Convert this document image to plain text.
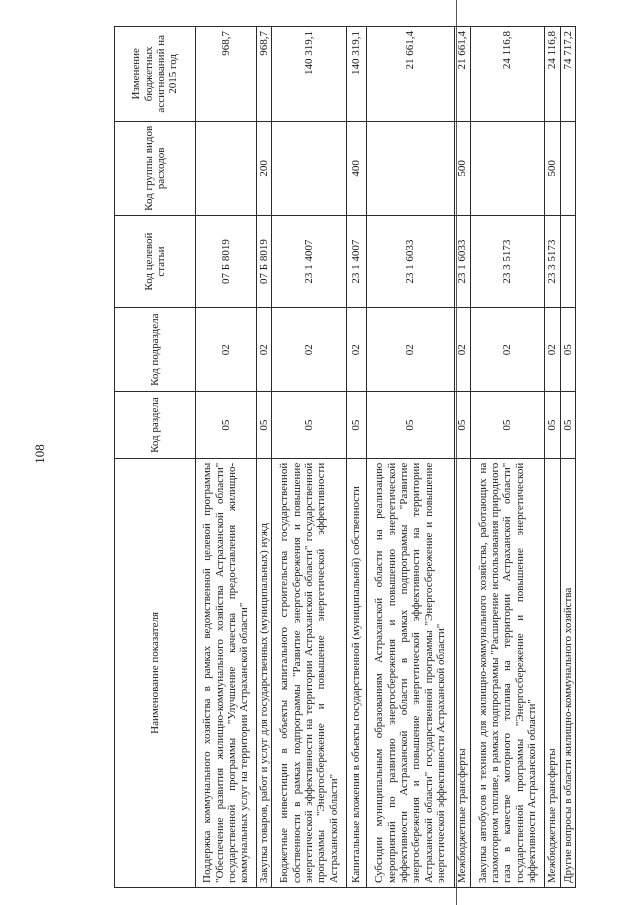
108
Наименование показателя	Код раздела	Код подраздела	Код целевой статьи	Код группы видов расходов	Изменение бюджетных ассигнований на 2015 год
Поддержка коммунального хозяйства в рамках ведомственной целевой программы "Обеспечение развития жилищно-коммунального хозяйства Астраханской области" государственной программы "Улучшение качества предоставления жилищно-коммунальных услуг на территории Астраханской области"	05	02	07 Б 8019		968,7
Закупка товаров, работ и услуг для государственных (муниципальных) нужд	05	02	07 Б 8019	200	968,7
Бюджетные инвестиции в объекты капитального строительства государственной собственности в рамках подпрограммы "Развитие энергосбережения и повышение энергетической эффективности на территории Астраханской области" государственной программы "Энергосбережение и повышение энергетической эффективности Астраханской области"	05	02	23 1 4007		140 319,1
Капитальные вложения в объекты государственной (муниципальной) собственности	05	02	23 1 4007	400	140 319,1
Субсидии муниципальным образованиям Астраханской области на реализацию мероприятий по развитию энергосбережения и повышению энергетической эффективности Астраханской области в рамках подпрограммы "Развитие энергосбережения и повышение энергетической эффективности на территории Астраханской области" государственной программы "Энергосбережение и повышение энергетической эффективности Астраханской области"	05	02	23 1 6033		21 661,4
Межбюджетные трансферты	05	02	23 1 6033	500	21 661,4
Закупка автобусов и техники для жилищно-коммунального хозяйства, работающих на газомоторном топливе, в рамках подпрограммы "Расширение использования природного газа в качестве моторного топлива на территории Астраханской области" государственной программы "Энергосбережение и повышение энергетической эффективности Астраханской области"	05	02	23 3 5173		24 116,8
Межбюджетные трансферты	05	02	23 3 5173	500	24 116,8
Другие вопросы в области жилищно-коммунального хозяйства	05	05			74 717,2
